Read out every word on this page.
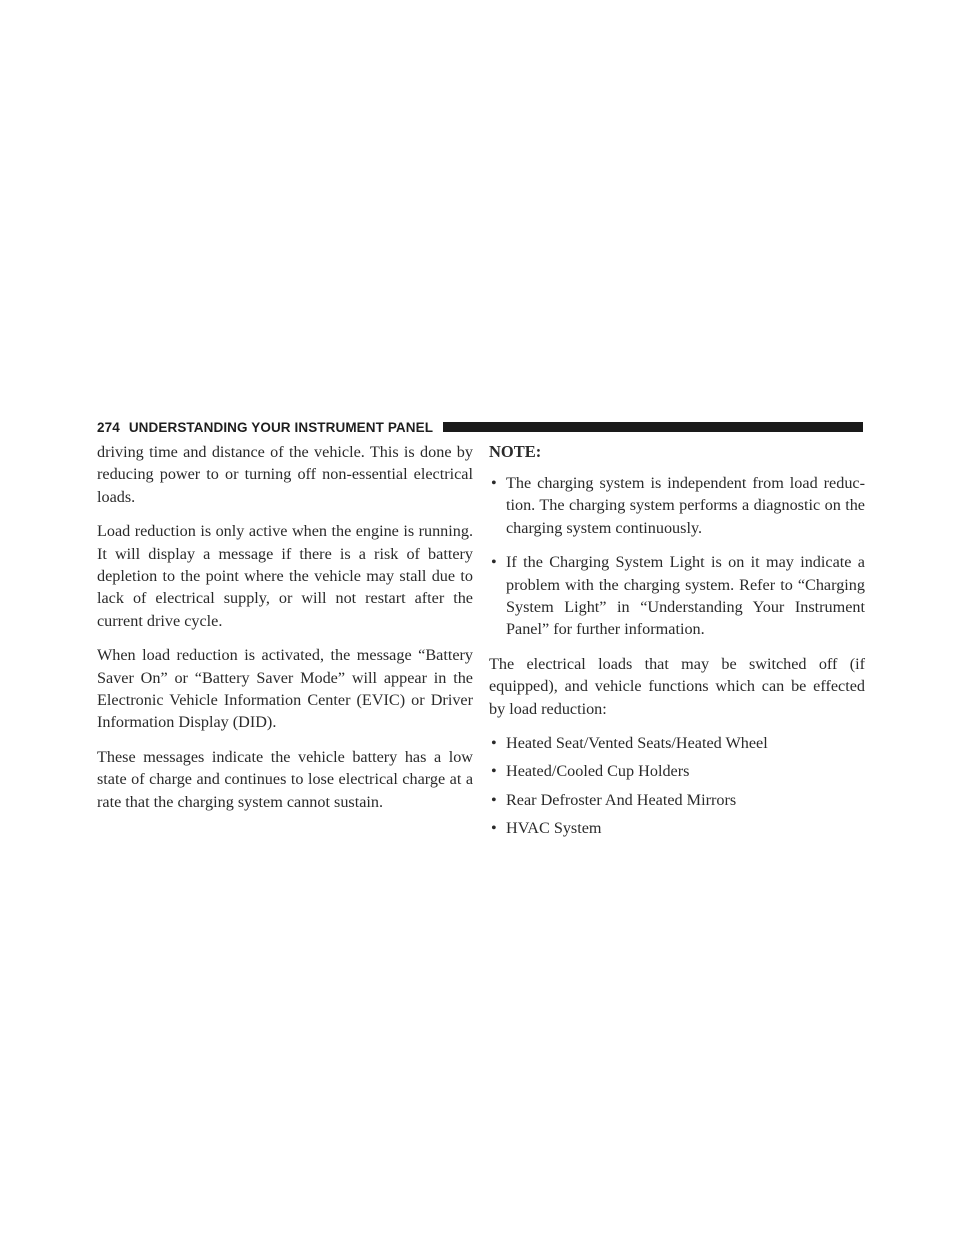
274 UNDERSTANDING YOUR INSTRUMENT PANEL

driving time and distance of the vehicle. This is done by reducing power to or turning off non-essential electrical loads.

Load reduction is only active when the engine is running. It will display a message if there is a risk of battery depletion to the point where the vehicle may stall due to lack of electrical supply, or will not restart after the current drive cycle.

When load reduction is activated, the message “Battery Saver On” or “Battery Saver Mode” will appear in the Electronic Vehicle Information Center (EVIC) or Driver Information Display (DID).

These messages indicate the vehicle battery has a low state of charge and continues to lose electrical charge at a rate that the charging system cannot sustain.

NOTE:
• The charging system is independent from load reduc-tion. The charging system performs a diagnostic on the charging system continuously.
• If the Charging System Light is on it may indicate a problem with the charging system. Refer to “Charging System Light” in “Understanding Your Instrument Panel” for further information.

The electrical loads that may be switched off (if equipped), and vehicle functions which can be effected by load reduction:

• Heated Seat/Vented Seats/Heated Wheel
• Heated/Cooled Cup Holders
• Rear Defroster And Heated Mirrors
• HVAC System
